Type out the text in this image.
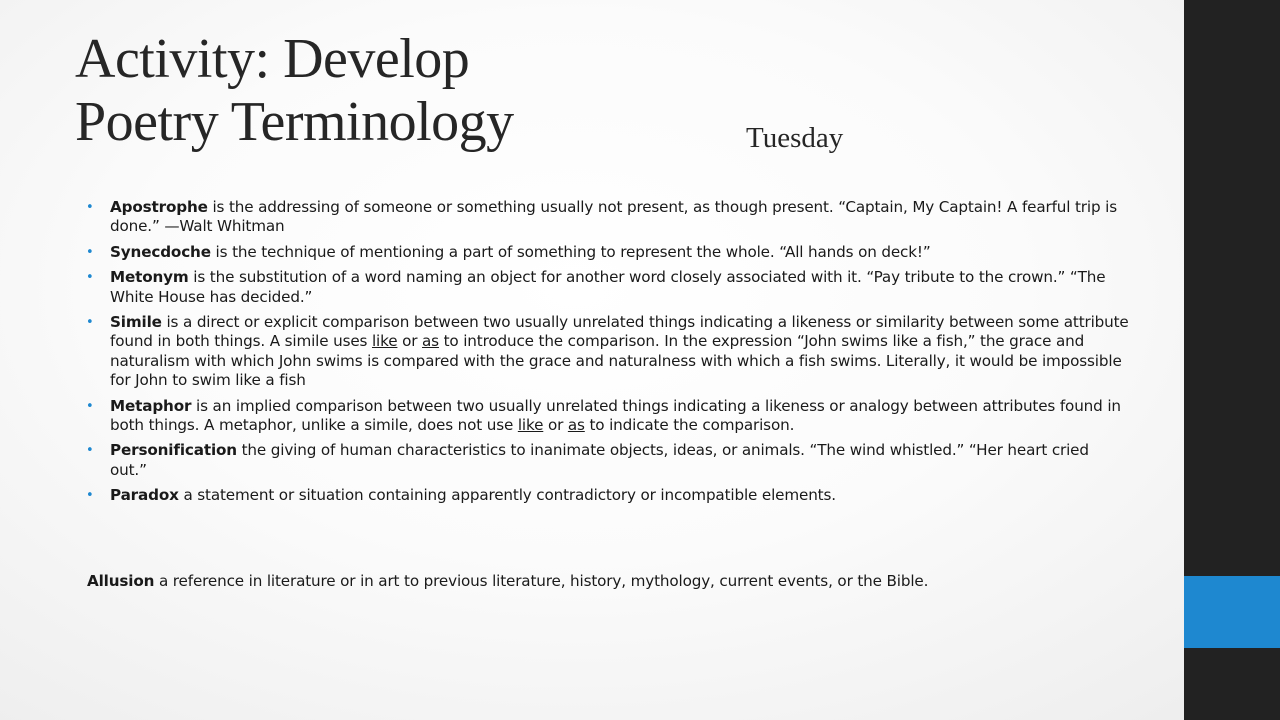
Activity: Develop
Poetry Terminology	Tuesday
• Apostrophe is the addressing of someone or something usually not present, as though present. “Captain, My Captain! A fearful trip is done.” —Walt Whitman
• Synecdoche is the technique of mentioning a part of something to represent the whole. “All hands on deck!”
• Metonym is the substitution of a word naming an object for another word closely associated with it. “Pay tribute to the crown.” “The White House has decided.”
• Simile is a direct or explicit comparison between two usually unrelated things indicating a likeness or similarity between some attribute found in both things. A simile uses like or as to introduce the comparison. In the expression “John swims like a fish,” the grace and naturalism with which John swims is compared with the grace and naturalness with which a fish swims. Literally, it would be impossible for John to swim like a fish
• Metaphor is an implied comparison between two usually unrelated things indicating a likeness or analogy between attributes found in both things. A metaphor, unlike a simile, does not use like or as to indicate the comparison.
• Personification the giving of human characteristics to inanimate objects, ideas, or animals. “The wind whistled.” “Her heart cried out.”
• Paradox a statement or situation containing apparently contradictory or incompatible elements.

Allusion a reference in literature or in art to previous literature, history, mythology, current events, or the Bible.
